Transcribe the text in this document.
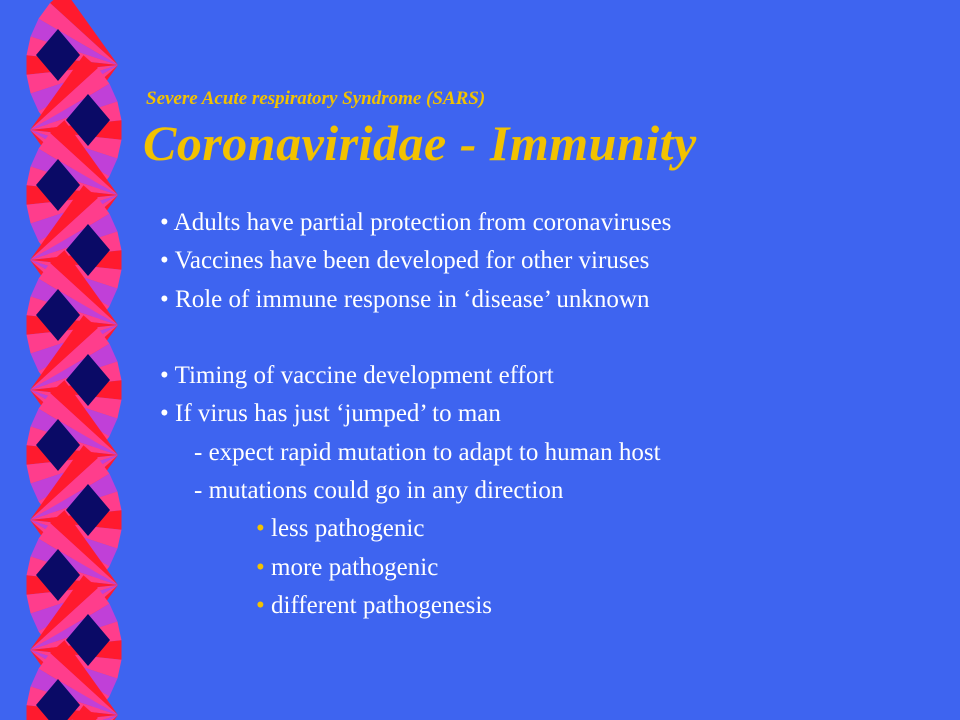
Severe Acute respiratory Syndrome (SARS)
Coronaviridae - Immunity
• Adults have partial protection from coronaviruses
• Vaccines have been developed for other viruses
• Role of immune response in ‘disease’ unknown
• Timing of vaccine development effort
• If virus has just ‘jumped’ to man
- expect rapid mutation to adapt to human host
- mutations could go in any direction
• less pathogenic
• more pathogenic
• different pathogenesis
